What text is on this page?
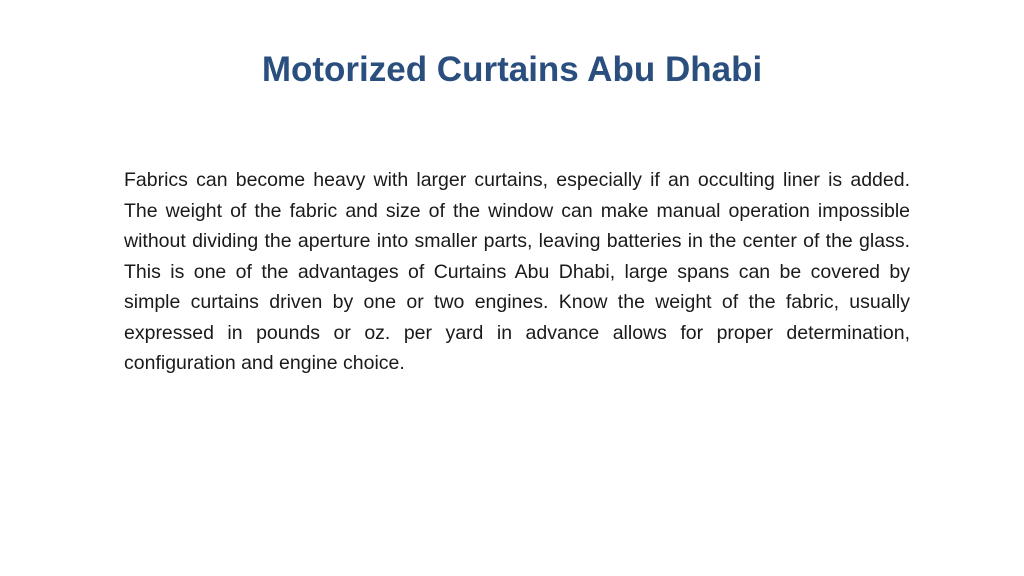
Motorized Curtains Abu Dhabi

Fabrics can become heavy with larger curtains, especially if an occulting liner is added. The weight of the fabric and size of the window can make manual operation impossible without dividing the aperture into smaller parts, leaving batteries in the center of the glass. This is one of the advantages of Curtains Abu Dhabi, large spans can be covered by simple curtains driven by one or two engines. Know the weight of the fabric, usually expressed in pounds or oz. per yard in advance allows for proper determination, configuration and engine choice.
